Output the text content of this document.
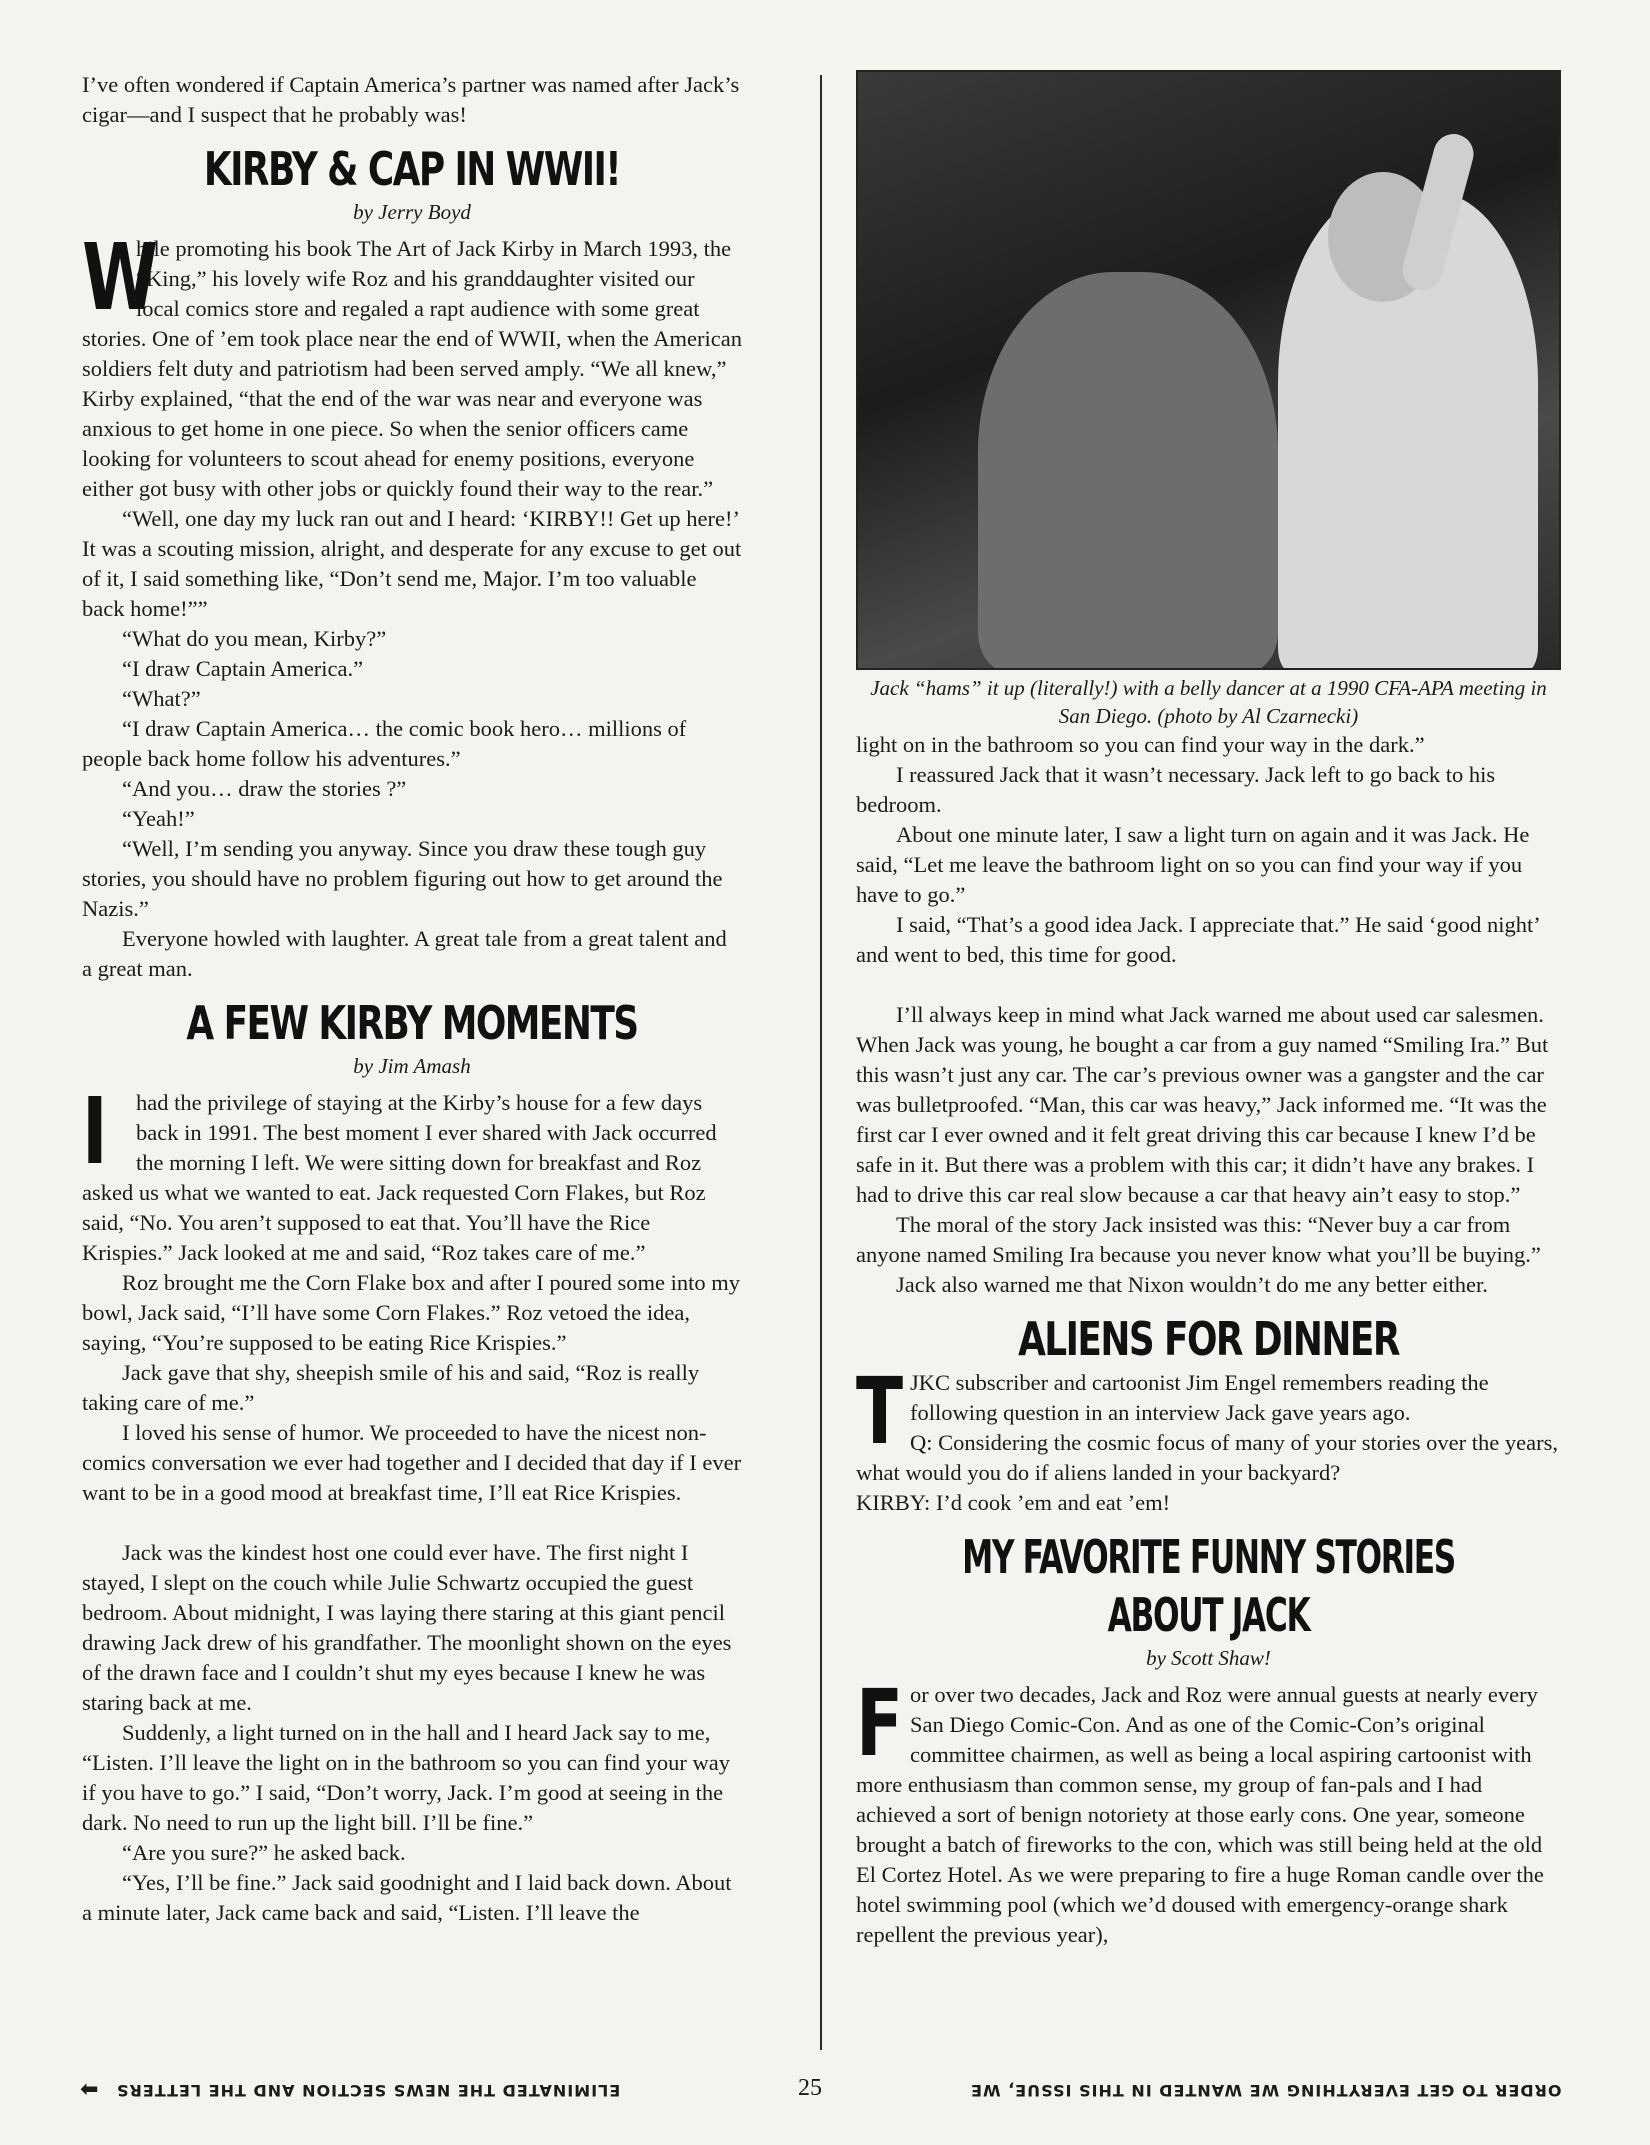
I’ve often wondered if Captain America’s partner was named after Jack’s cigar—and I suspect that he probably was!

KIRBY & CAP IN WWII!
by Jerry Boyd

W
hile promoting his book The Art of Jack Kirby in March 1993, the “King,” his lovely wife Roz and his granddaughter visited our local comics store and regaled a rapt audience with some great stories. One of ’em took place near the end of WWII, when the American soldiers felt duty and patriotism had been served amply. “We all knew,” Kirby explained, “that the end of the war was near and everyone was anxious to get home in one piece. So when the senior officers came looking for volunteers to scout ahead for enemy positions, everyone either got busy with other jobs or quickly found their way to the rear.”

“Well, one day my luck ran out and I heard: ‘KIRBY!! Get up here!’ It was a scouting mission, alright, and desperate for any excuse to get out of it, I said something like, “Don’t send me, Major. I’m too valuable back home!””

“What do you mean, Kirby?”

“I draw Captain America.”

“What?”

“I draw Captain America… the comic book hero… millions of people back home follow his adventures.”

“And you… draw the stories ?”

“Yeah!”

“Well, I’m sending you anyway. Since you draw these tough guy stories, you should have no problem figuring out how to get around the Nazis.”

Everyone howled with laughter. A great tale from a great talent and a great man.

A FEW KIRBY MOMENTS
by Jim Amash

I	had the privilege of staying at the Kirby’s house for a few days back in 1991. The best moment I ever shared with Jack occurred the morning I left. We were sitting down for breakfast and Roz asked us what we wanted to eat. Jack requested Corn Flakes, but Roz said, “No. You aren’t supposed to eat that. You’ll have the Rice Krispies.” Jack looked at me and said, “Roz takes care of me.”

Roz brought me the Corn Flake box and after I poured some into my bowl, Jack said, “I’ll have some Corn Flakes.” Roz vetoed the idea, saying, “You’re supposed to be eating Rice Krispies.”

Jack gave that shy, sheepish smile of his and said, “Roz is really taking care of me.”

I loved his sense of humor. We proceeded to have the nicest non-comics conversation we ever had together and I decided that day if I ever want to be in a good mood at breakfast time, I’ll eat Rice Krispies.

Jack was the kindest host one could ever have. The first night I stayed, I slept on the couch while Julie Schwartz occupied the guest bedroom. About midnight, I was laying there staring at this giant pencil drawing Jack drew of his grandfather. The moonlight shown on the eyes of the drawn face and I couldn’t shut my eyes because I knew he was staring back at me.

Suddenly, a light turned on in the hall and I heard Jack say to me, “Listen. I’ll leave the light on in the bathroom so you can find your way if you have to go.” I said, “Don’t worry, Jack. I’m good at seeing in the dark. No need to run up the light bill. I’ll be fine.”

“Are you sure?” he asked back.

“Yes, I’ll be fine.” Jack said goodnight and I laid back down. About a minute later, Jack came back and said, “Listen. I’ll leave the

Jack “hams” it up (literally!) with a belly dancer at a 1990 CFA-APA meeting in San Diego. (photo by Al Czarnecki)

light on in the bathroom so you can find your way in the dark.”

I reassured Jack that it wasn’t necessary. Jack left to go back to his bedroom.

About one minute later, I saw a light turn on again and it was Jack. He said, “Let me leave the bathroom light on so you can find your way if you have to go.”

I said, “That’s a good idea Jack. I appreciate that.” He said ‘good night’ and went to bed, this time for good.

I’ll always keep in mind what Jack warned me about used car salesmen. When Jack was young, he bought a car from a guy named “Smiling Ira.” But this wasn’t just any car. The car’s previous owner was a gangster and the car was bulletproofed. “Man, this car was heavy,” Jack informed me. “It was the first car I ever owned and it felt great driving this car because I knew I’d be safe in it. But there was a problem with this car; it didn’t have any brakes. I had to drive this car real slow because a car that heavy ain’t easy to stop.”

The moral of the story Jack insisted was this: “Never buy a car from anyone named Smiling Ira because you never know what you’ll be buying.”

Jack also warned me that Nixon wouldn’t do me any better either.

ALIENS FOR DINNER

TJKC subscriber and cartoonist Jim Engel remembers reading the following question in an interview Jack gave years ago.

Q: Considering the cosmic focus of many of your stories over the years, what would you do if aliens landed in your backyard?

KIRBY: I’d cook ’em and eat ’em!

MY FAVORITE FUNNY STORIES ABOUT JACK
by Scott Shaw!

For over two decades, Jack and Roz were annual guests at nearly every San Diego Comic-Con. And as one of the Comic-Con’s original committee chairmen, as well as being a local aspiring cartoonist with more enthusiasm than common sense, my group of fan-pals and I had achieved a sort of benign notoriety at those early cons. One year, someone brought a batch of fireworks to the con, which was still being held at the old El Cortez Hotel. As we were preparing to fire a huge Roman candle over the hotel swimming pool (which we’d doused with emergency-orange shark repellent the previous year),

⬅ ELIMINATED THE NEWS SECTION AND THE LETTERS	25	ORDER TO GET EVERYTHING WE WANTED IN THIS ISSUE, WE
